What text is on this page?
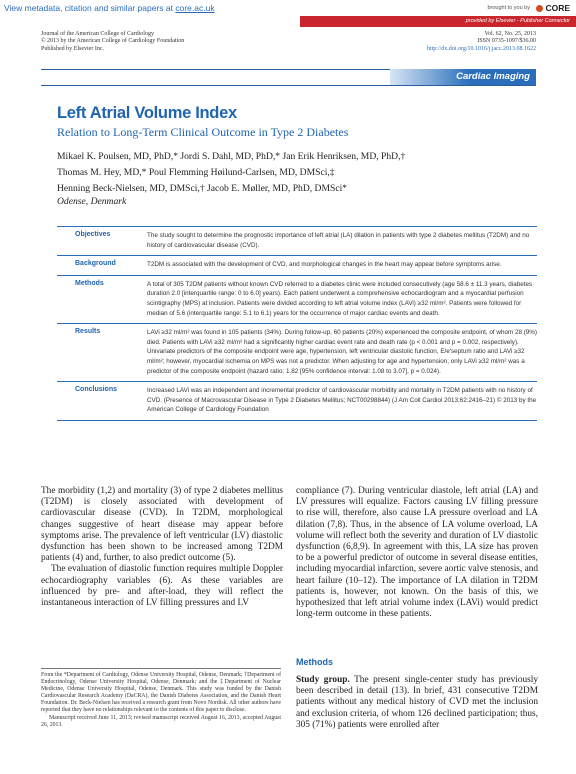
View metadata, citation and similar papers at core.ac.uk	brought to you by	CORE
provided by Elsevier - Publisher Connector
Journal of the American College of Cardiology
© 2013 by the American College of Cardiology Foundation
Published by Elsevier Inc.
Vol. 62, No. 25, 2013
ISSN 0735-1097/$36.00
http://dx.doi.org/10.1016/j.jacc.2013.08.1622
Cardiac Imaging
Left Atrial Volume Index
Relation to Long-Term Clinical Outcome in Type 2 Diabetes
Mikael K. Poulsen, MD, PhD,* Jordi S. Dahl, MD, PhD,* Jan Erik Henriksen, MD, PhD,†
Thomas M. Hey, MD,* Poul Flemming Høilund-Carlsen, MD, DMSci,‡
Henning Beck-Nielsen, MD, DMSci,† Jacob E. Møller, MD, PhD, DMSci*
Odense, Denmark
Objectives	The study sought to determine the prognostic importance of left atrial (LA) dilation in patients with type 2 diabetes mellitus (T2DM) and no history of cardiovascular disease (CVD).
Background	T2DM is associated with the development of CVD, and morphological changes in the heart may appear before symptoms arise.
Methods	A total of 305 T2DM patients without known CVD referred to a diabetes clinic were included consecutively (age 58.6 ± 11.3 years, diabetes duration 2.0 [interquartile range: 0 to 6.0] years). Each patient underwent a comprehensive echocardiogram and a myocardial perfusion scintigraphy (MPS) at inclusion. Patients were divided according to left atrial volume index (LAVi) ≥32 ml/m². Patients were followed for median of 5.6 (interquartile range: 5.1 to 6.1) years for the occurrence of major cardiac events and death.
Results	LAVi ≥32 ml/m² was found in 105 patients (34%). During follow-up, 60 patients (20%) experienced the composite endpoint, of whom 28 (9%) died. Patients with LAVi ≥32 ml/m² had a significantly higher cardiac event rate and death rate (p < 0.001 and p = 0.002, respectively). Univariate predictors of the composite endpoint were age, hypertension, left ventricular diastolic function, E/e′septum ratio and LAVi ≥32 ml/m²; however, myocardial ischemia on MPS was not a predictor. When adjusting for age and hypertension, only LAVi ≥32 ml/m² was a predictor of the composite endpoint (hazard ratio: 1.82 [95% confidence interval: 1.08 to 3.07], p = 0.024).
Conclusions	Increased LAVi was an independent and incremental predictor of cardiovascular morbidity and mortality in T2DM patients with no history of CVD. (Presence of Macrovascular Disease in Type 2 Diabetes Mellitus; NCT00298844) (J Am Coll Cardiol 2013;62:2416–21) © 2013 by the American College of Cardiology Foundation

The morbidity (1,2) and mortality (3) of type 2 diabetes mellitus (T2DM) is closely associated with development of cardiovascular disease (CVD). In T2DM, morphological changes suggestive of heart disease may appear before symptoms arise. The prevalence of left ventricular (LV) diastolic dysfunction has been shown to be increased among T2DM patients (4) and, further, to also predict outcome (5).

The evaluation of diastolic function requires multiple Doppler echocardiography variables (6). As these variables are influenced by pre- and after-load, they will reflect the instantaneous interaction of LV filling pressures and LV

compliance (7). During ventricular diastole, left atrial (LA) and LV pressures will equalize. Factors causing LV filling pressure to rise will, therefore, also cause LA pressure overload and LA dilation (7,8). Thus, in the absence of LA volume overload, LA volume will reflect both the severity and duration of LV diastolic dysfunction (6,8,9). In agreement with this, LA size has proven to be a powerful predictor of outcome in several disease entities, including myocardial infarction, severe aortic valve stenosis, and heart failure (10–12). The importance of LA dilation in T2DM patients is, however, not known. On the basis of this, we hypothesized that left atrial volume index (LAVi) would predict long-term outcome in these patients.

From the *Department of Cardiology, Odense University Hospital, Odense, Denmark; †Department of Endocrinology, Odense University Hospital, Odense, Denmark; and the ‡Department of Nuclear Medicine, Odense University Hospital, Odense, Denmark. This study was funded by the Danish Cardiovascular Research Academy (DaCRA), the Danish Diabetes Association, and the Danish Heart Foundation. Dr. Beck-Nielsen has received a research grant from Novo Nordisk. All other authors have reported that they have no relationships relevant to the contents of this paper to disclose.
Manuscript received June 11, 2013; revised manuscript received August 16, 2013, accepted August 26, 2013.
Methods
Study group. The present single-center study has previously been described in detail (13). In brief, 431 consecutive T2DM patients without any medical history of CVD met the inclusion and exclusion criteria, of whom 126 declined participation; thus, 305 (71%) patients were enrolled after
